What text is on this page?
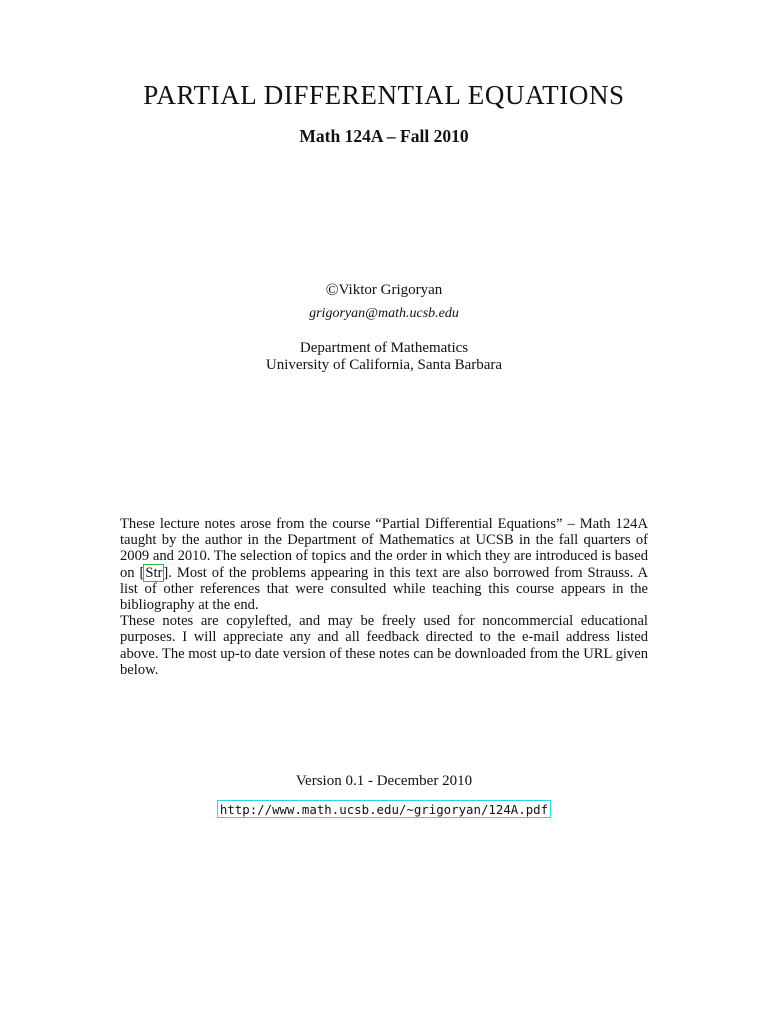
PARTIAL DIFFERENTIAL EQUATIONS
Math 124A – Fall 2010
©Viktor Grigoryan
grigoryan@math.ucsb.edu
Department of Mathematics
University of California, Santa Barbara

These lecture notes arose from the course “Partial Differential Equations” – Math 124A taught by the author in the Department of Mathematics at UCSB in the fall quarters of 2009 and 2010. The selection of topics and the order in which they are introduced is based on [Str]. Most of the problems appearing in this text are also borrowed from Strauss. A list of other references that were consulted while teaching this course appears in the bibliography at the end.

These notes are copylefted, and may be freely used for noncommercial educational purposes. I will appreciate any and all feedback directed to the e-mail address listed above. The most up-to date version of these notes can be downloaded from the URL given below.

Version 0.1 - December 2010
http://www.math.ucsb.edu/~grigoryan/124A.pdf
